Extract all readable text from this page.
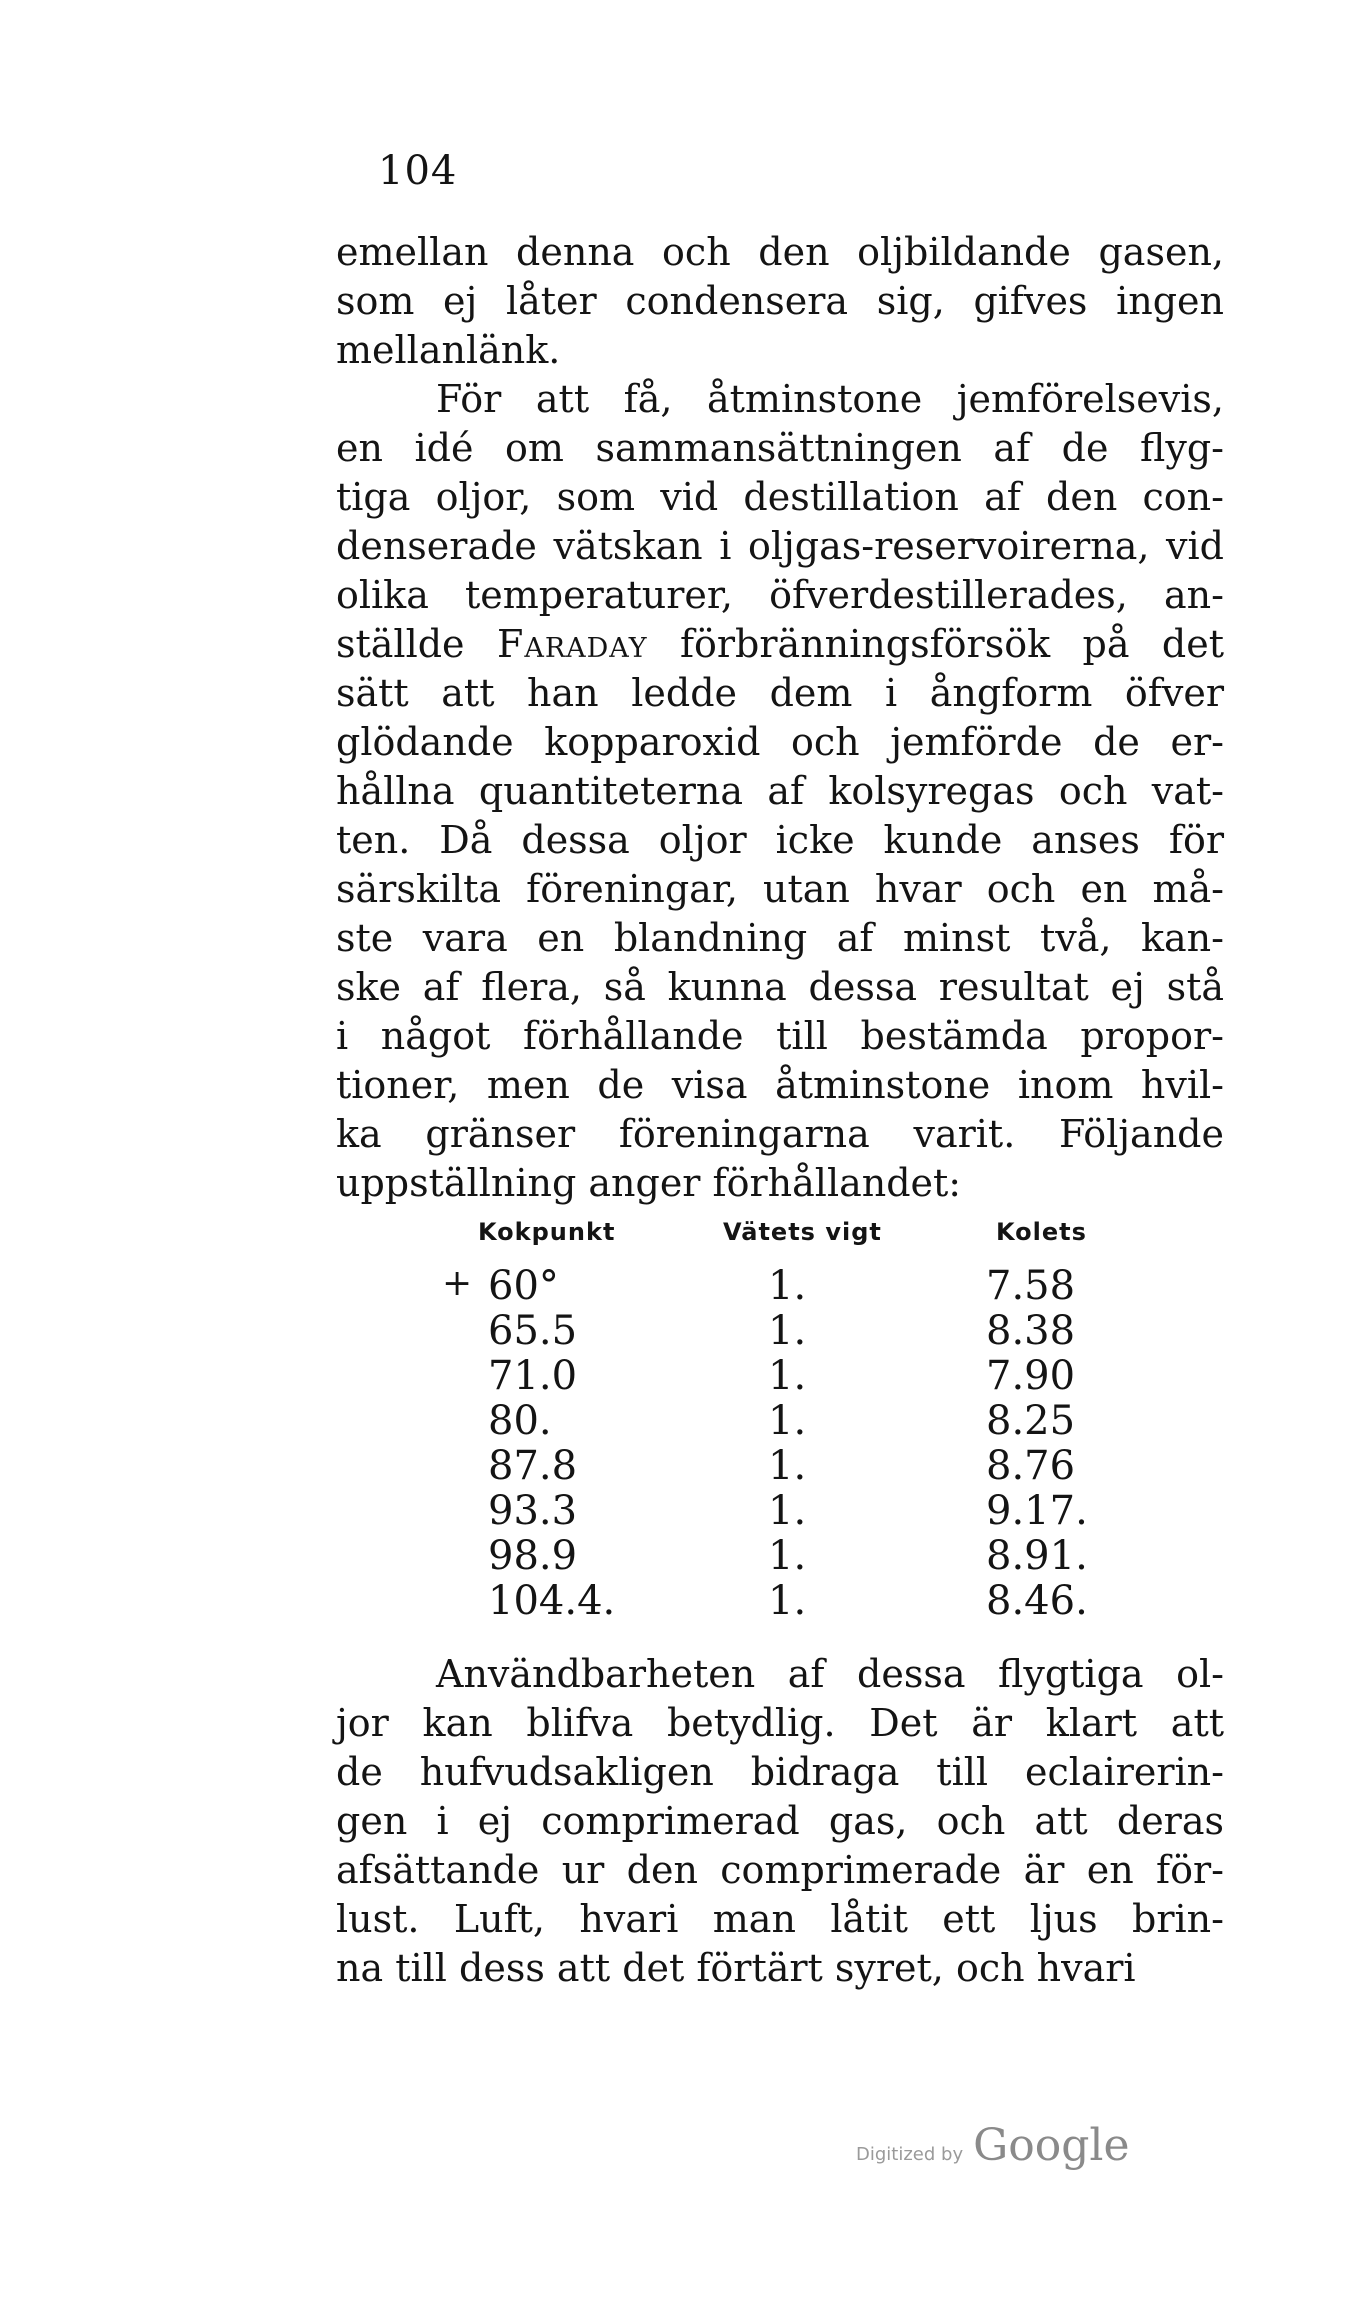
104

emellan denna och den oljbildande gasen,
som ej låter condensera sig, gifves ingen
mellanlänk.

För att få, åtminstone jemförelsevis,
en idé om sammansättningen af de flyg-
tiga oljor, som vid destillation af den con-
denserade vätskan i oljgas-reservoirerna, vid
olika temperaturer, öfverdestillerades, an-
ställde Faraday förbränningsförsök på det
sätt att han ledde dem i ångform öfver
glödande kopparoxid och jemförde de er-
hållna quantiteterna af kolsyregas och vat-
ten. Då dessa oljor icke kunde anses för
särskilta föreningar, utan hvar och en må-
ste vara en blandning af minst två, kan-
ske af flera, så kunna dessa resultat ej stå
i något förhållande till bestämda propor-
tioner, men de visa åtminstone inom hvil-
ka gränser föreningarna varit. Följande
uppställning anger förhållandet:

Kokpunkt	Vätets vigt	Kolets
+ 60°	1.	7.58
65.5	1.	8.38
71.0	1.	7.90
80.	1.	8.25
87.8	1.	8.76
93.3	1.	9.17.
98.9	1.	8.91.
104.4.	1.	8.46.

Användbarheten af dessa flygtiga ol-
jor kan blifva betydlig. Det är klart att
de hufvudsakligen bidraga till eclairerin-
gen i ej comprimerad gas, och att deras
afsättande ur den comprimerade är en för-
lust. Luft, hvari man låtit ett ljus brin-
na till dess att det förtärt syret, och hvari

Digitized by Google
